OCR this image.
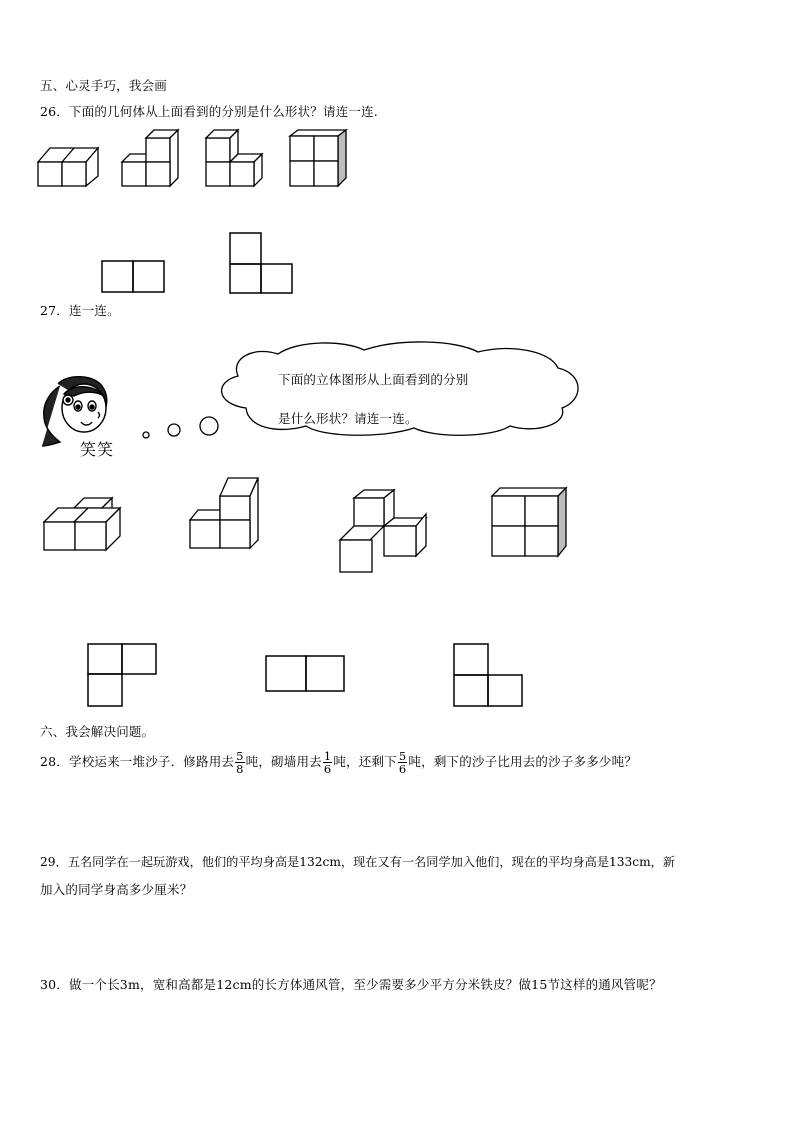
五、心灵手巧，我会画
26．下面的几何体从上面看到的分别是什么形状？请连一连.
27．连一连。
笑笑
下面的立体图形从上面看到的分别
是什么形状？请连一连。
六、我会解决问题。
28．学校运来一堆沙子．修路用去 $\frac{5}{8}$ 吨，砌墙用去 $\frac{1}{6}$ 吨，还剩下 $\frac{5}{6}$ 吨，剩下的沙子比用去的沙子多多少吨？
29．五名同学在一起玩游戏，他们的平均身高是132cm，现在又有一名同学加入他们，现在的平均身高是133cm，新
加入的同学身高多少厘米？
30．做一个长3m，宽和高都是12cm的长方体通风管，至少需要多少平方分米铁皮？做15节这样的通风管呢？
